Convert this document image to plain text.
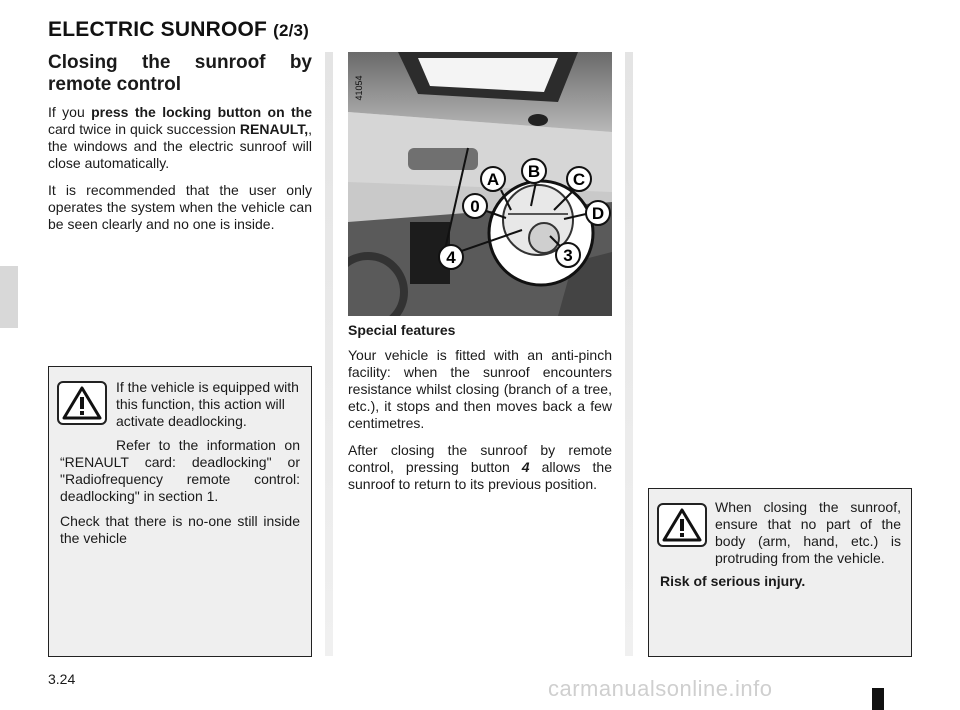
ELECTRIC SUNROOF (2/3)
Closing the sunroof by remote control

If you press the locking button on the card twice in quick succession RENAULT,, the windows and the electric sunroof will close automatically.

It is recommended that the user only operates the system when the vehicle can be seen clearly and no one is inside.

If the vehicle is equipped with this function, this action will activate deadlocking.

Refer to the information on “RENAULT card: deadlocking" or "Radiofrequency remote control: deadlocking" in section 1.

Check that there is no-one still inside the vehicle

A B C
0	D
3
4
41054

Special features

Your vehicle is fitted with an anti-pinch facility: when the sunroof encounters resistance whilst closing (branch of a tree, etc.), it stops and then moves back a few centimetres.

After closing the sunroof by remote control, pressing button 4 allows the sunroof to return to its previous position.

When closing the sunroof, ensure that no part of the body (arm, hand, etc.) is protruding from the vehicle.

Risk of serious injury.

3.24	carmanualsonline.info
